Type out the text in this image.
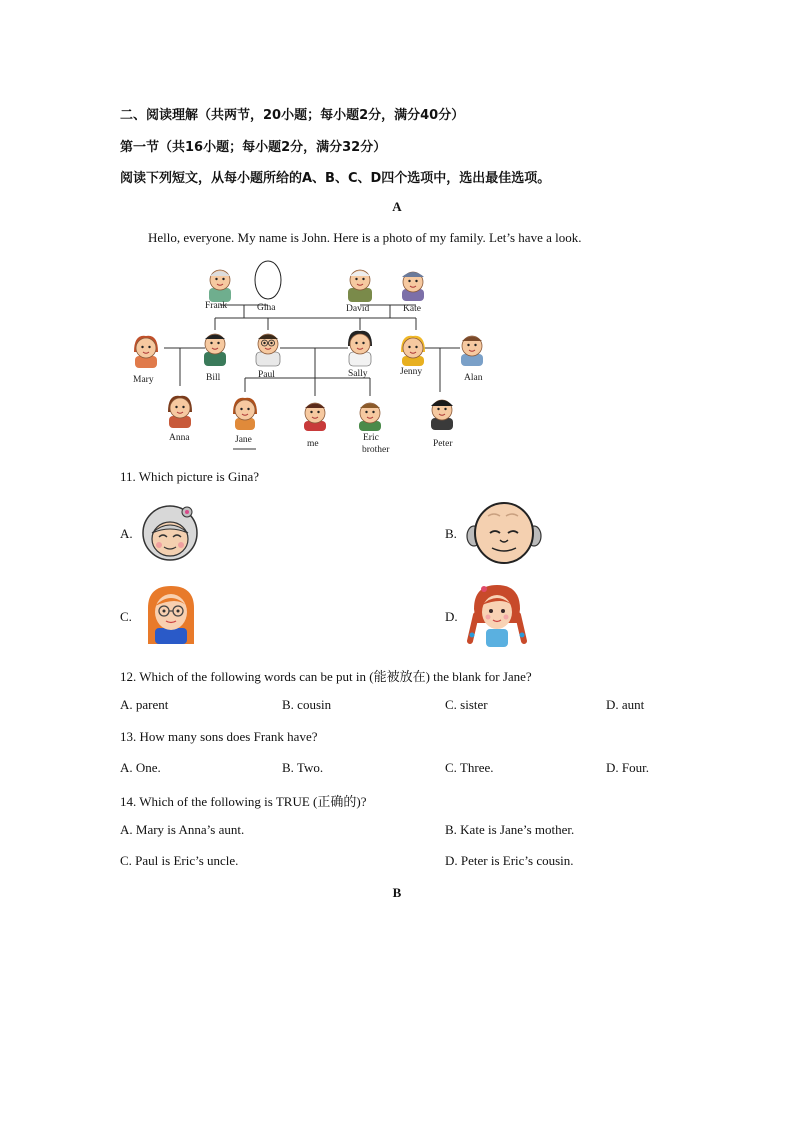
二、阅读理解（共两节，20小题；每小题2分，满分40分）
第一节（共16小题；每小题2分，满分32分）
阅读下列短文，从每小题所给的A、B、C、D四个选项中，选出最佳选项。
A
Hello, everyone. My name is John. Here is a photo of my family. Let’s have a look.
Frank	Gina	David	Kate
Mary	Bill	Paul	Sally	Jenny
Alan
Anna	Jane	me
Eric
brother
Peter
11. Which picture is Gina?
A.	B.
C.	D.
12. Which of the following words can be put in (能被放在) the blank for Jane?
A. parent	B. cousin	C. sister	D. aunt
13. How many sons does Frank have?
A. One.	B. Two.	C. Three.	D. Four.
14. Which of the following is TRUE (正确的)?
A. Mary is Anna’s aunt.	B. Kate is Jane’s mother.
C. Paul is Eric’s uncle.	D. Peter is Eric’s cousin.
B
